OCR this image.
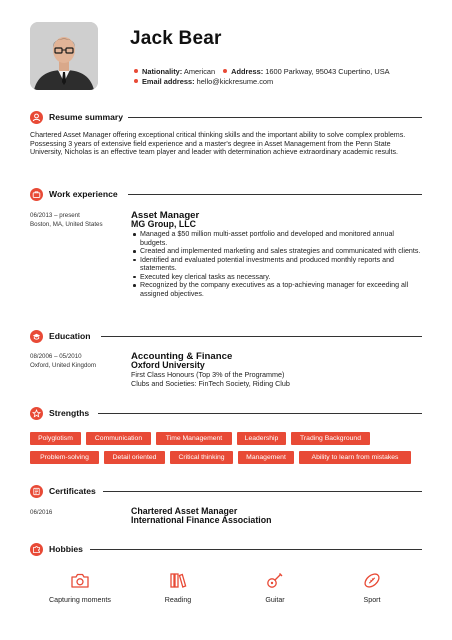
Jack Bear
Nationality: American Address: 1600 Parkway, 95043 Cupertino, USA
Email address: hello@kickresume.com
Resume summary
Chartered Asset Manager offering exceptional critical thinking skills and the important ability to solve complex problems. Possessing 3 years of extensive field experience and a master's degree in Asset Management from the Penn State University, Nicholas is an effective team player and leader with determination achieve extraordinary academic results.
Work experience
06/2013 – present
Boston, MA, United States
Asset Manager
MG Group, LLC
Managed a $50 million multi-asset portfolio and developed and monitored annual budgets.
Created and implemented marketing and sales strategies and communicated with clients.
Identified and evaluated potential investments and produced monthly reports and statements.
Executed key clerical tasks as necessary.
Recognized by the company executives as a top-achieving manager for exceeding all assigned objectives.
Education
08/2006 – 05/2010
Oxford, United Kingdom
Accounting & Finance
Oxford University
First Class Honours (Top 3% of the Programme)
Clubs and Societies: FinTech Society, Riding Club
Strengths
Polyglotism	Communication	Time Management	Leadership	Trading Background
Problem-solving	Detail oriented	Critical thinking	Management	Ability to learn from mistakes
Certificates
06/2016	Chartered Asset Manager
International Finance Association
Hobbies
Capturing moments	Reading	Guitar	Sport
